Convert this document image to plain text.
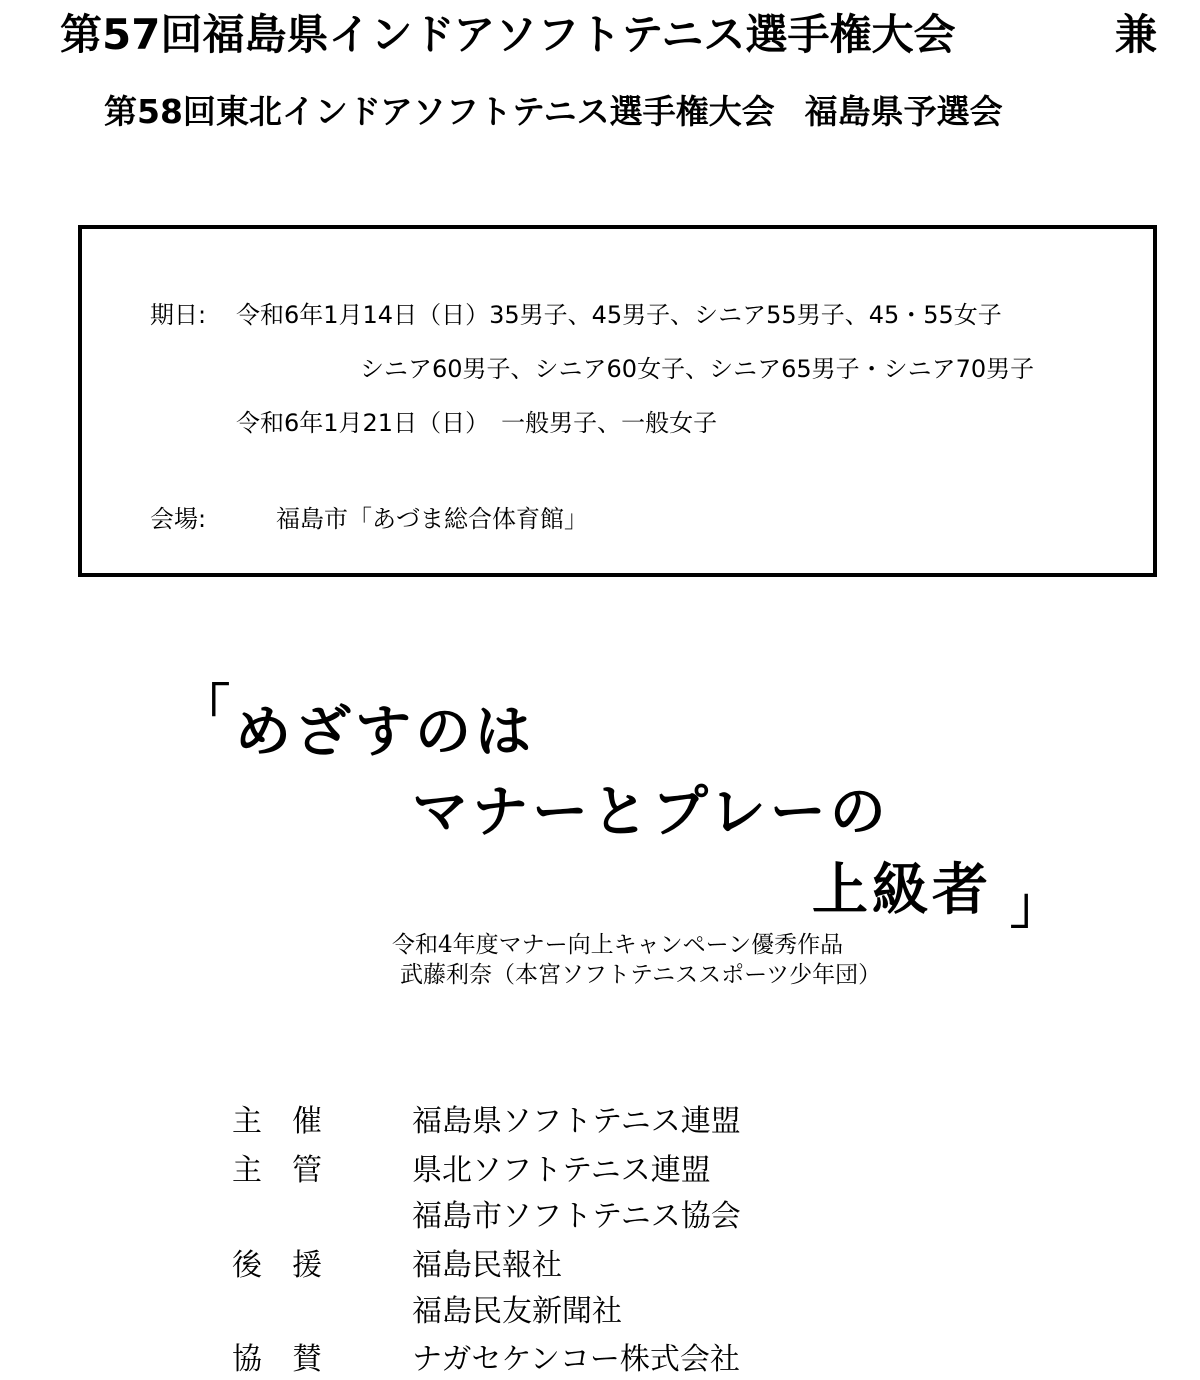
第57回福島県インドアソフトテニス選手権大会	兼
第58回東北インドアソフトテニス選手権大会 福島県予選会
期日: 令和6年1月14日（日）35男子、45男子、シニア55男子、45・55女子
シニア60男子、シニア60女子、シニア65男子・シニア70男子
令和6年1月21日（日）　一般男子、一般女子
会場:	福島市「あづま総合体育館」
「 めざすのは
マナーとプレーの
上級者 」
令和4年度マナー向上キャンペーン優秀作品
武藤利奈（本宮ソフトテニススポーツ少年団）
主　催	福島県ソフトテニス連盟
主　管	県北ソフトテニス連盟
福島市ソフトテニス協会
後　援	福島民報社
福島民友新聞社
協　賛	ナガセケンコー株式会社
